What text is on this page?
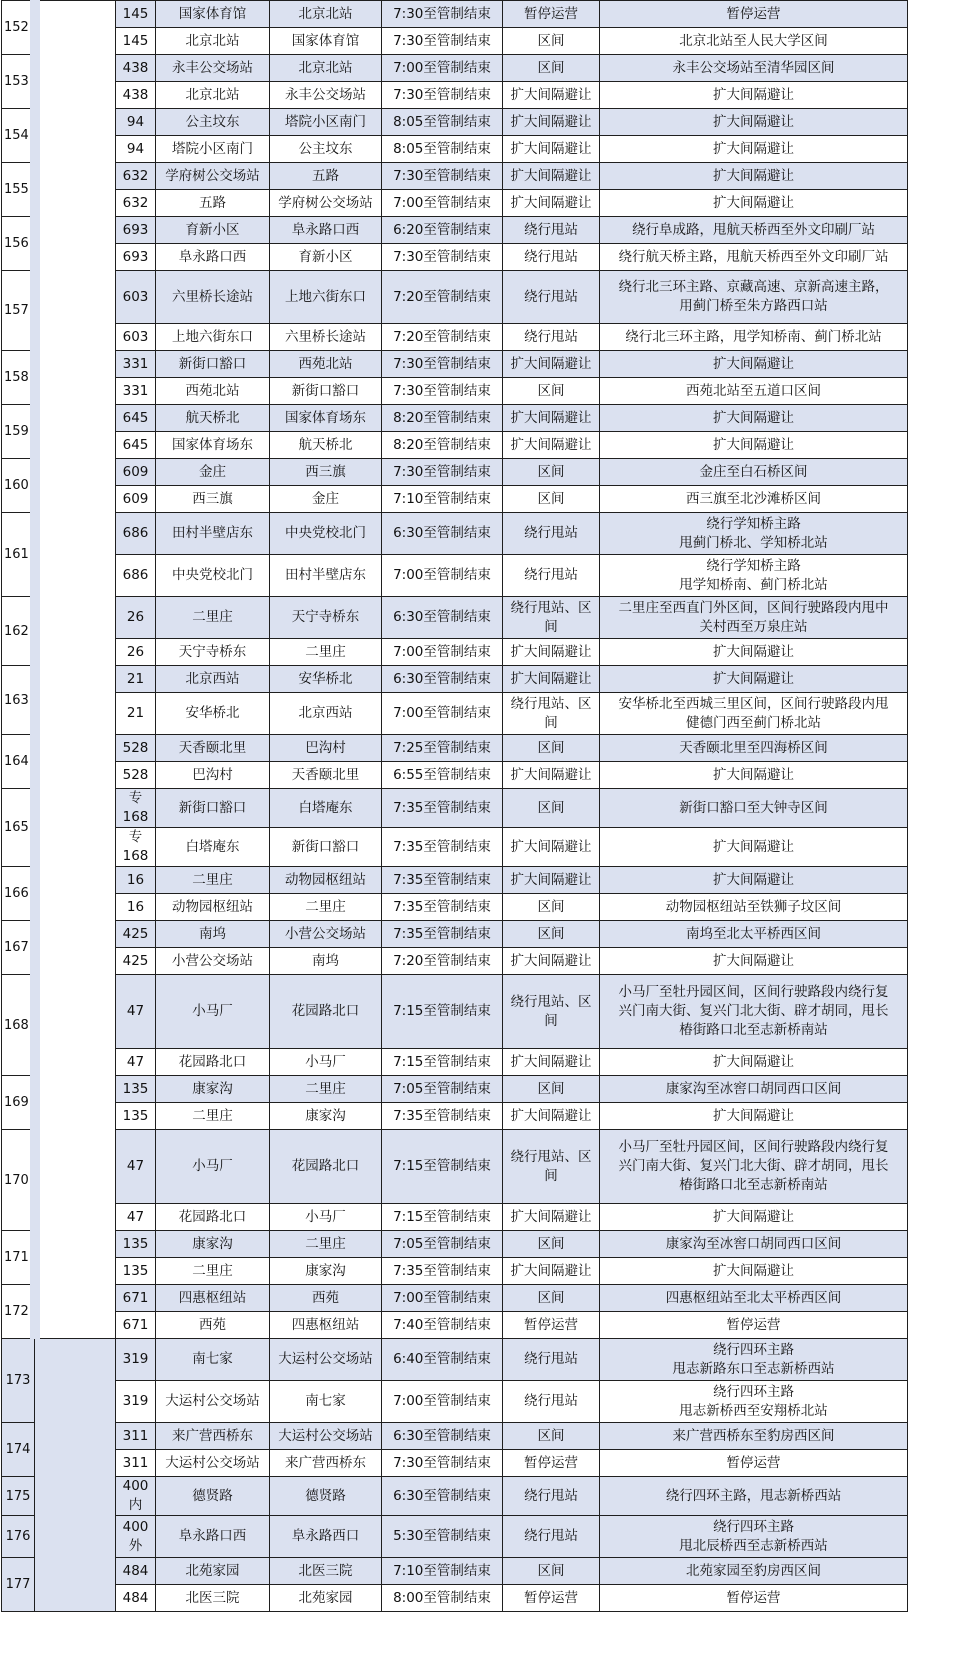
152		145	国家体育馆	北京北站	7:30至管制结束	暂停运营	暂停运营
		145	北京北站	国家体育馆	7:30至管制结束	区间	北京北站至人民大学区间
153		438	永丰公交场站	北京北站	7:00至管制结束	区间	永丰公交场站至清华园区间
		438	北京北站	永丰公交场站	7:30至管制结束	扩大间隔避让	扩大间隔避让
154		94	公主坟东	塔院小区南门	8:05至管制结束	扩大间隔避让	扩大间隔避让
		94	塔院小区南门	公主坟东	8:05至管制结束	扩大间隔避让	扩大间隔避让
155		632	学府树公交场站	五路	7:30至管制结束	扩大间隔避让	扩大间隔避让
		632	五路	学府树公交场站	7:00至管制结束	扩大间隔避让	扩大间隔避让
156		693	育新小区	阜永路口西	6:20至管制结束	绕行甩站	绕行阜成路，甩航天桥西至外文印刷厂站
		693	阜永路口西	育新小区	7:30至管制结束	绕行甩站	绕行航天桥主路，甩航天桥西至外文印刷厂站
157		603	六里桥长途站	上地六街东口	7:20至管制结束	绕行甩站	绕行北三环主路、京藏高速、京新高速主路，
用蓟门桥至朱方路西口站
		603	上地六街东口	六里桥长途站	7:20至管制结束	绕行甩站	绕行北三环主路，甩学知桥南、蓟门桥北站
158		331	新街口豁口	西苑北站	7:30至管制结束	扩大间隔避让	扩大间隔避让
		331	西苑北站	新街口豁口	7:30至管制结束	区间	西苑北站至五道口区间
159		645	航天桥北	国家体育场东	8:20至管制结束	扩大间隔避让	扩大间隔避让
		645	国家体育场东	航天桥北	8:20至管制结束	扩大间隔避让	扩大间隔避让
160		609	金庄	西三旗	7:30至管制结束	区间	金庄至白石桥区间
		609	西三旗	金庄	7:10至管制结束	区间	西三旗至北沙滩桥区间
161		686	田村半壁店东	中央党校北门	6:30至管制结束	绕行甩站	绕行学知桥主路
甩蓟门桥北、学知桥北站
		686	中央党校北门	田村半壁店东	7:00至管制结束	绕行甩站	绕行学知桥主路
甩学知桥南、蓟门桥北站
162		26	二里庄	天宁寺桥东	6:30至管制结束	绕行甩站、区间	二里庄至西直门外区间，区间行驶路段内甩中
关村西至万泉庄站
		26	天宁寺桥东	二里庄	7:00至管制结束	扩大间隔避让	扩大间隔避让
163		21	北京西站	安华桥北	6:30至管制结束	扩大间隔避让	扩大间隔避让
		21	安华桥北	北京西站	7:00至管制结束	绕行甩站、区间	安华桥北至西城三里区间，区间行驶路段内甩
健德门西至蓟门桥北站
164		528	天香颐北里	巴沟村	7:25至管制结束	区间	天香颐北里至四海桥区间
		528	巴沟村	天香颐北里	6:55至管制结束	扩大间隔避让	扩大间隔避让
165		专168	新街口豁口	白塔庵东	7:35至管制结束	区间	新街口豁口至大钟寺区间
		专168	白塔庵东	新街口豁口	7:35至管制结束	扩大间隔避让	扩大间隔避让
166		16	二里庄	动物园枢纽站	7:35至管制结束	扩大间隔避让	扩大间隔避让
		16	动物园枢纽站	二里庄	7:35至管制结束	区间	动物园枢纽站至铁狮子坟区间
167		425	南坞	小营公交场站	7:35至管制结束	区间	南坞至北太平桥西区间
		425	小营公交场站	南坞	7:20至管制结束	扩大间隔避让	扩大间隔避让
168		47	小马厂	花园路北口	7:15至管制结束	绕行甩站、区间	小马厂至牡丹园区间，区间行驶路段内绕行复
兴门南大街、复兴门北大街、辟才胡同，甩长
椿街路口北至志新桥南站
		47	花园路北口	小马厂	7:15至管制结束	扩大间隔避让	扩大间隔避让
169		135	康家沟	二里庄	7:05至管制结束	区间	康家沟至冰窖口胡同西口区间
		135	二里庄	康家沟	7:35至管制结束	扩大间隔避让	扩大间隔避让
170		47	小马厂	花园路北口	7:15至管制结束	绕行甩站、区间	小马厂至牡丹园区间，区间行驶路段内绕行复
兴门南大街、复兴门北大街、辟才胡同，甩长
椿街路口北至志新桥南站
		47	花园路北口	小马厂	7:15至管制结束	扩大间隔避让	扩大间隔避让
171		135	康家沟	二里庄	7:05至管制结束	区间	康家沟至冰窖口胡同西口区间
		135	二里庄	康家沟	7:35至管制结束	扩大间隔避让	扩大间隔避让
172		671	四惠枢纽站	西苑	7:00至管制结束	区间	四惠枢纽站至北太平桥西区间
		671	西苑	四惠枢纽站	7:40至管制结束	暂停运营	暂停运营
173		319	南七家	大运村公交场站	6:40至管制结束	绕行甩站	绕行四环主路
甩志新路东口至志新桥西站
		319	大运村公交场站	南七家	7:00至管制结束	绕行甩站	绕行四环主路
甩志新桥西至安翔桥北站
174		311	来广营西桥东	大运村公交场站	6:30至管制结束	区间	来广营西桥东至豹房西区间
		311	大运村公交场站	来广营西桥东	7:30至管制结束	暂停运营	暂停运营
175		400内	德贤路	德贤路	6:30至管制结束	绕行甩站	绕行四环主路，甩志新桥西站
176		400外	阜永路口西	阜永路西口	5:30至管制结束	绕行甩站	绕行四环主路
甩北辰桥西至志新桥西站
177		484	北苑家园	北医三院	7:10至管制结束	区间	北苑家园至豹房西区间
		484	北医三院	北苑家园	8:00至管制结束	暂停运营	暂停运营
